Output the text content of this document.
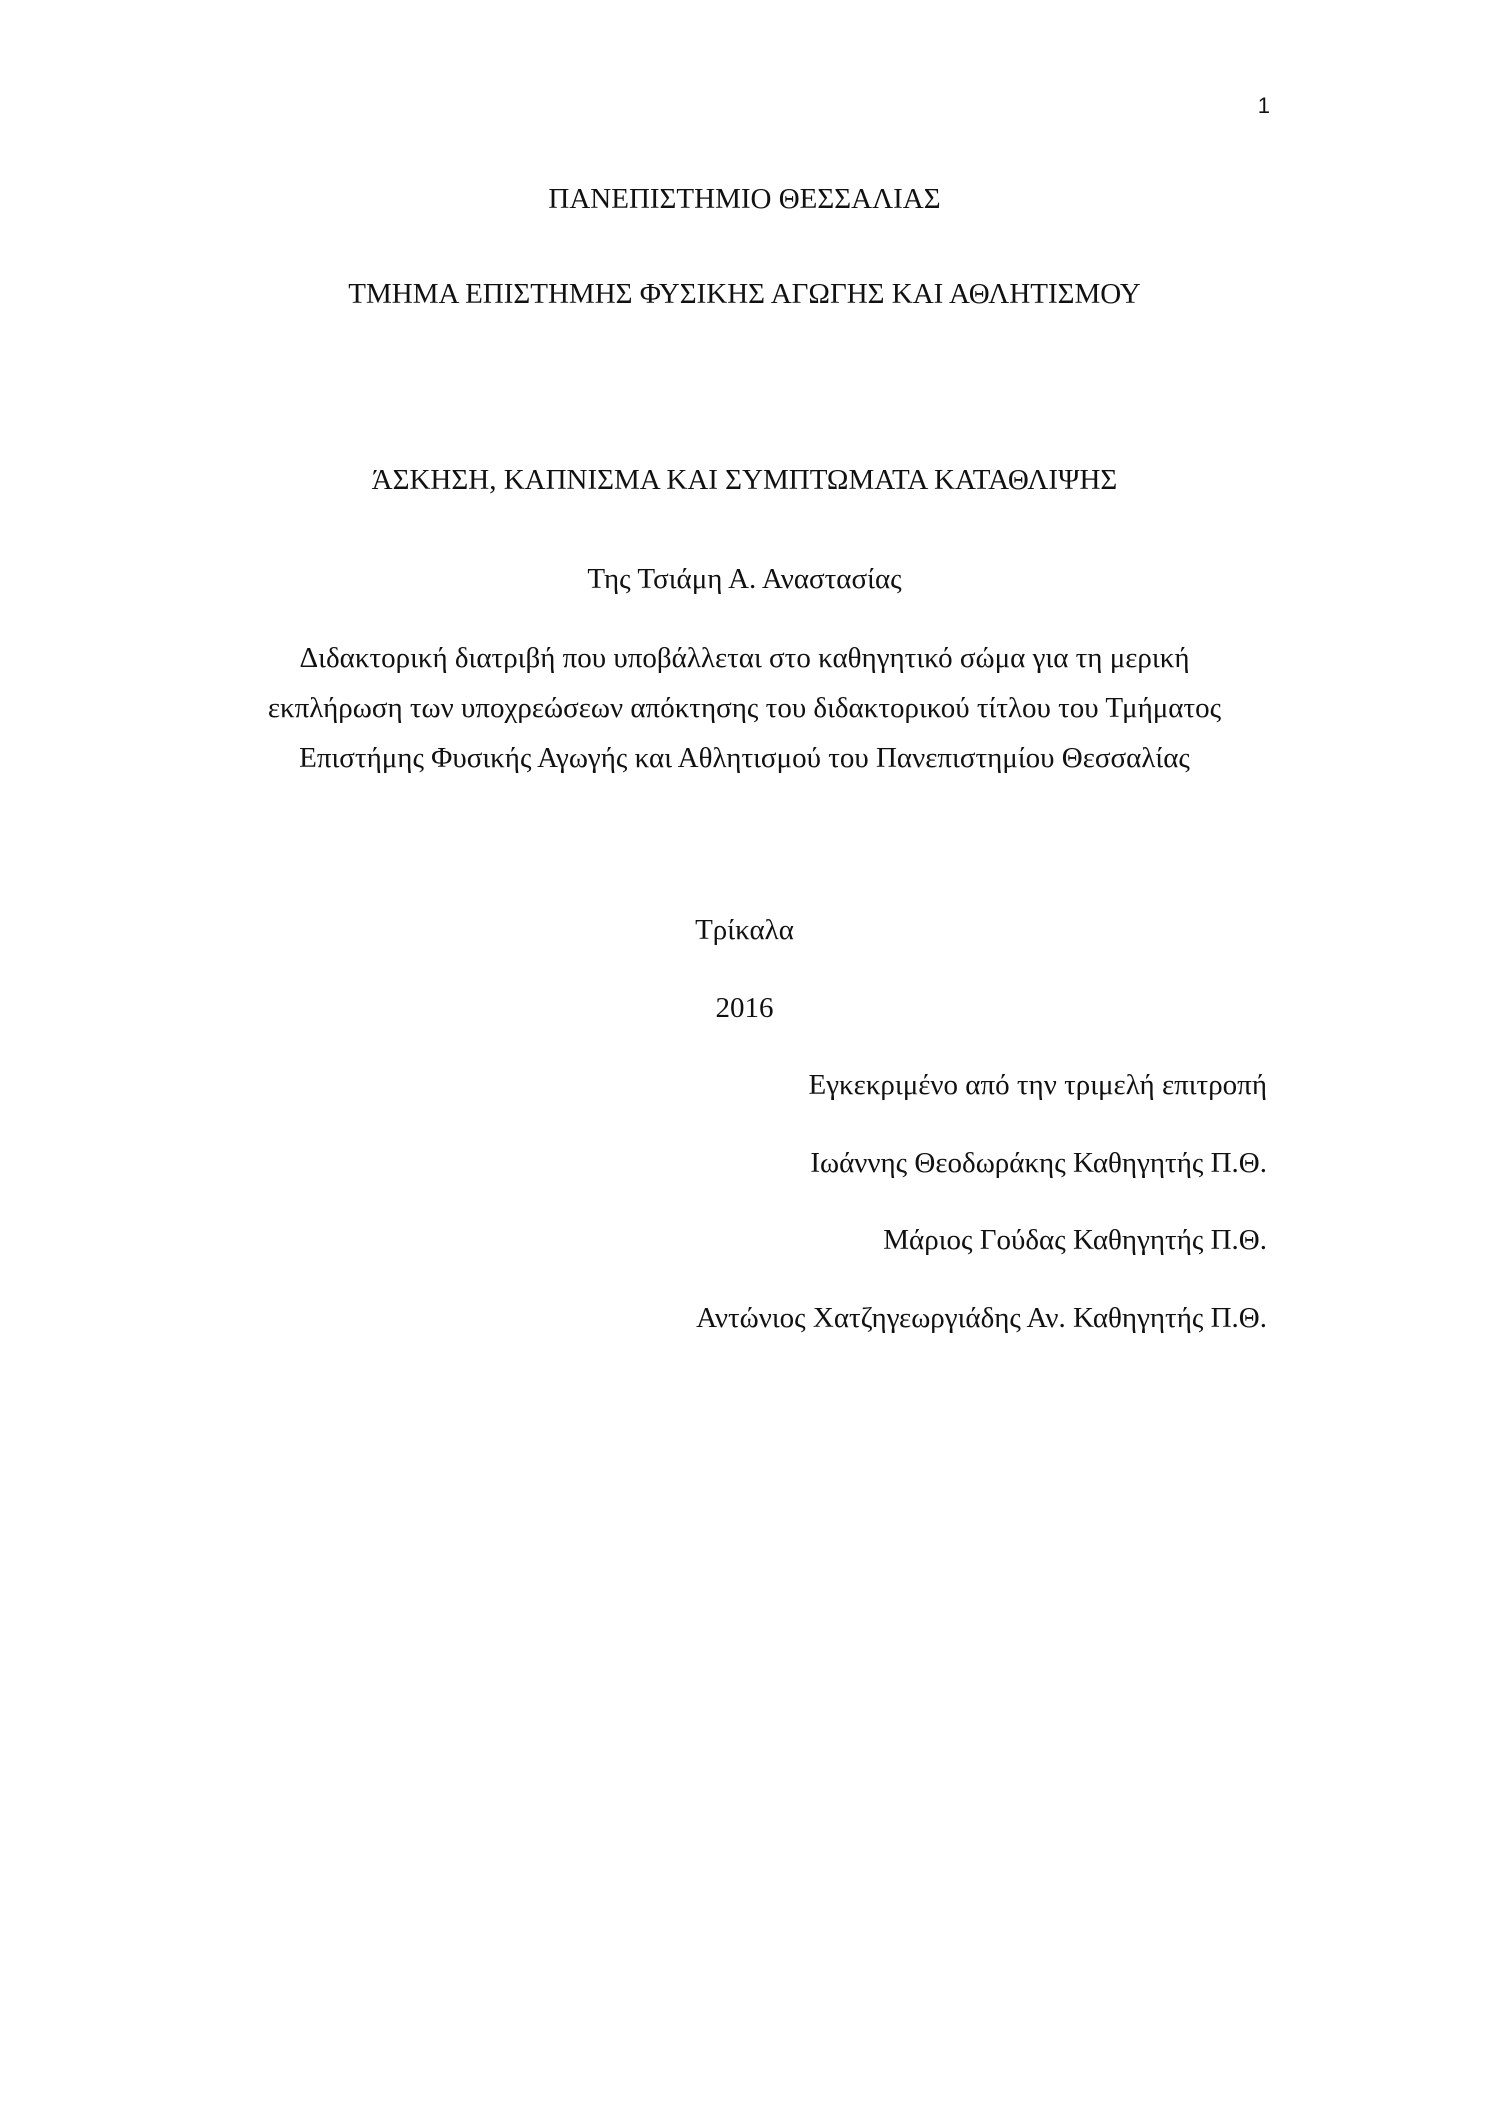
1
ΠΑΝΕΠΙΣΤΗΜΙΟ ΘΕΣΣΑΛΙΑΣ
ΤΜΗΜΑ ΕΠΙΣΤΗΜΗΣ ΦΥΣΙΚΗΣ ΑΓΩΓΗΣ ΚΑΙ ΑΘΛΗΤΙΣΜΟΥ
ΆΣΚΗΣΗ, ΚΑΠΝΙΣΜΑ ΚΑΙ ΣΥΜΠΤΩΜΑΤΑ ΚΑΤΑΘΛΙΨΗΣ
Της Τσιάμη Α. Αναστασίας
Διδακτορική διατριβή που υποβάλλεται στο καθηγητικό σώμα για τη μερική
εκπλήρωση των υποχρεώσεων απόκτησης του διδακτορικού τίτλου του Τμήματος
Επιστήμης Φυσικής Αγωγής και Αθλητισμού του Πανεπιστημίου Θεσσαλίας
Τρίκαλα
2016
Εγκεκριμένο από την τριμελή επιτροπή
Ιωάννης Θεοδωράκης Καθηγητής Π.Θ.
Μάριος Γούδας Καθηγητής Π.Θ.
Αντώνιος Χατζηγεωργιάδης Αν. Καθηγητής Π.Θ.
